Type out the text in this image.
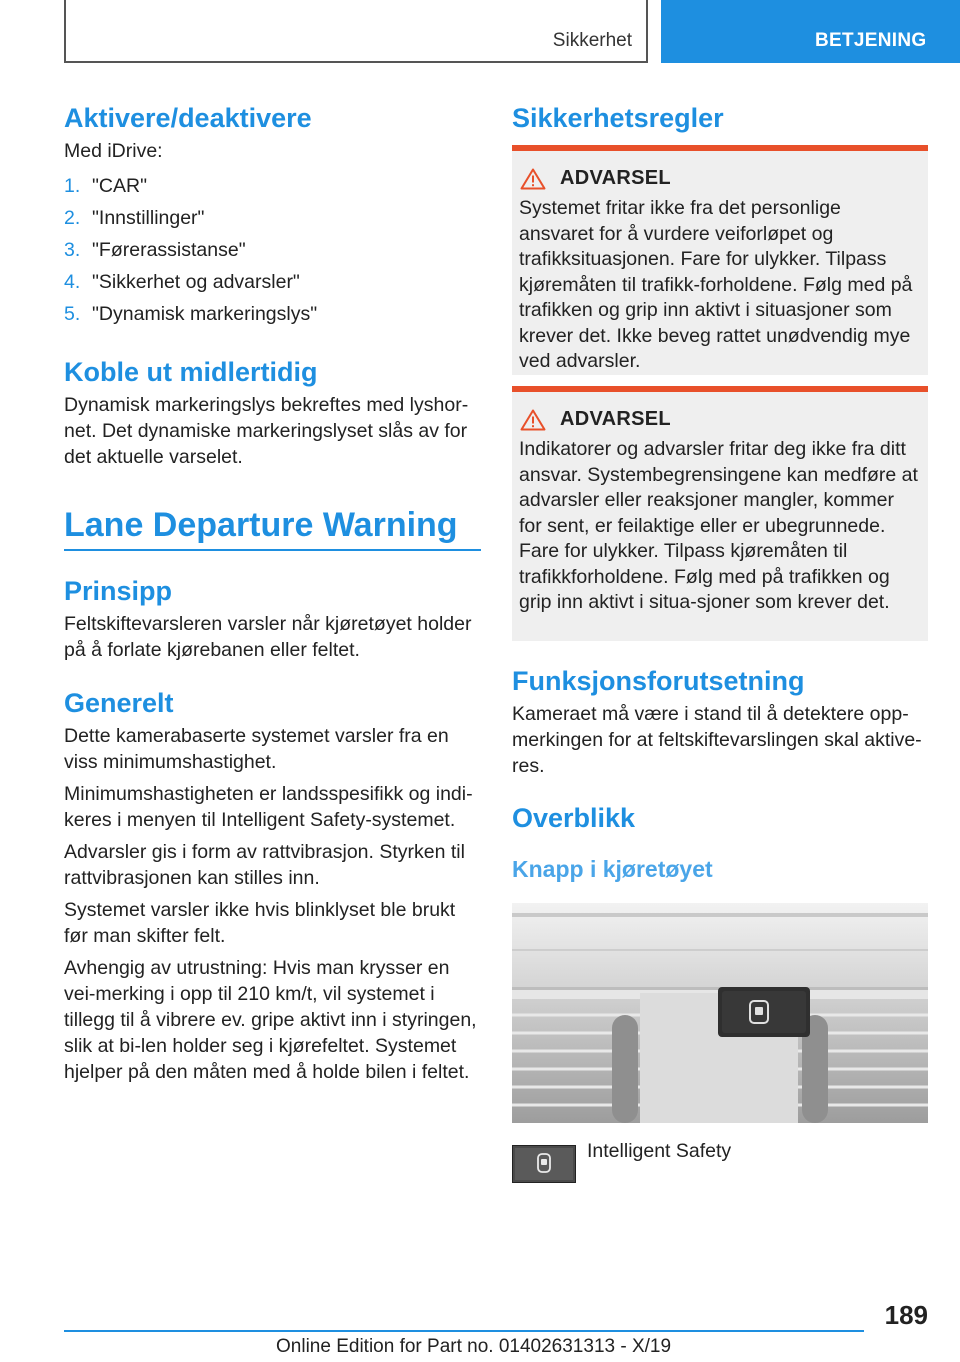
Sikkerhet	BETJENING
Aktivere/deaktivere

Med iDrive:

1. "CAR"
2. "Innstillinger"
3. "Førerassistanse"
4. "Sikkerhet og advarsler"
5. "Dynamisk markeringslys"
Koble ut midlertidig

Dynamisk markeringslys bekreftes med lyshor-net. Det dynamiske markeringslyset slås av for det aktuelle varselet.

Lane Departure Warning
Prinsipp

Feltskiftevarsleren varsler når kjøretøyet holder på å forlate kjørebanen eller feltet.

Generelt

Dette kamerabaserte systemet varsler fra en viss minimumshastighet.

Minimumshastigheten er landsspesifikk og indi-keres i menyen til Intelligent Safety-systemet.

Advarsler gis i form av rattvibrasjon. Styrken til rattvibrasjonen kan stilles inn.

Systemet varsler ikke hvis blinklyset ble brukt før man skifter felt.

Avhengig av utrustning: Hvis man krysser en vei-merking i opp til 210 km/t, vil systemet i tillegg til å vibrere ev. gripe aktivt inn i styringen, slik at bi-len holder seg i kjørefeltet. Systemet hjelper på den måten med å holde bilen i feltet.

Sikkerhetsregler
ADVARSEL

Systemet fritar ikke fra det personlige ansvaret for å vurdere veiforløpet og trafikksituasjonen. Fare for ulykker. Tilpass kjøremåten til trafikk-forholdene. Følg med på trafikken og grip inn aktivt i situasjoner som krever det. Ikke beveg rattet unødvendig mye ved advarsler.

ADVARSEL

Indikatorer og advarsler fritar deg ikke fra ditt ansvar. Systembegrensingene kan medføre at advarsler eller reaksjoner mangler, kommer for sent, er feilaktige eller er ubegrunnede. Fare for ulykker. Tilpass kjøremåten til trafikkforholdene. Følg med på trafikken og grip inn aktivt i situa-sjoner som krever det.

Funksjonsforutsetning

Kameraet må være i stand til å detektere opp-merkingen for at feltskiftevarslingen skal aktive-res.

Overblikk
Knapp i kjøretøyet
Intelligent Safety
189
Online Edition for Part no. 01402631313 - X/19
